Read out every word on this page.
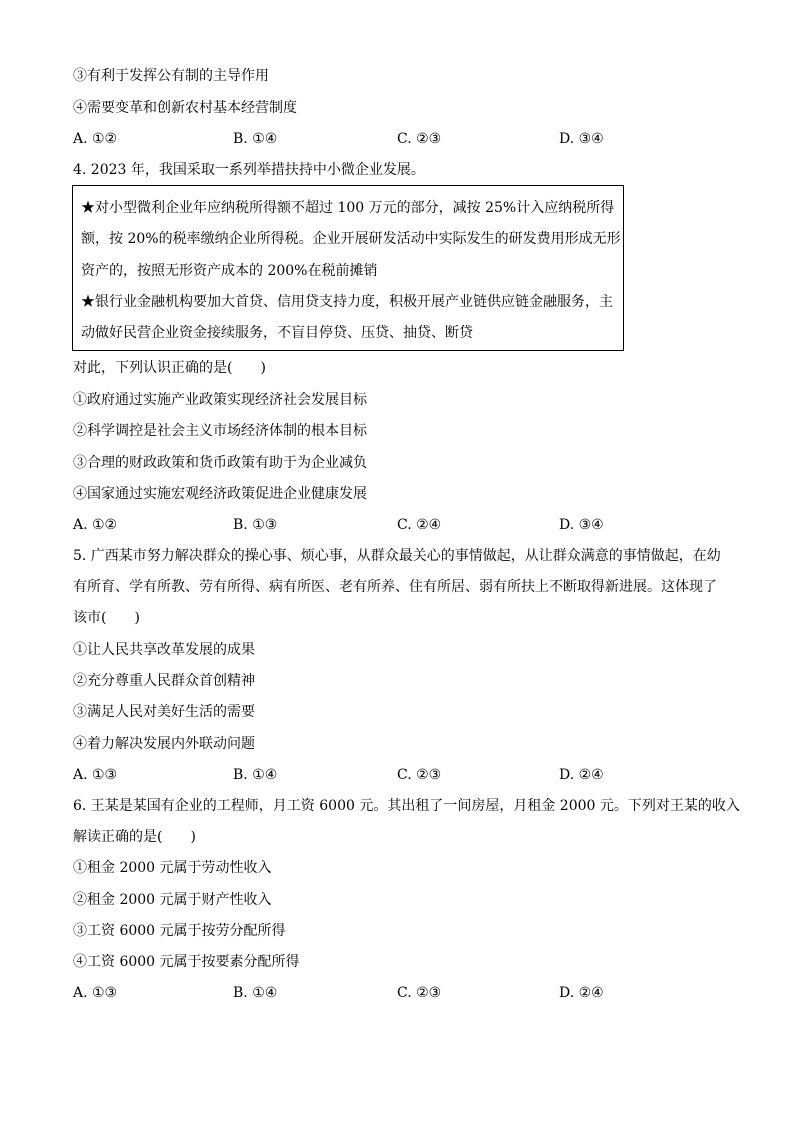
③有利于发挥公有制的主导作用
④需要变革和创新农村基本经营制度
A. ①②	B. ①④	C. ②③	D. ③④
4. 2023 年，我国采取一系列举措扶持中小微企业发展。
★对小型微利企业年应纳税所得额不超过 100 万元的部分，减按 25%计入应纳税所得
额，按 20%的税率缴纳企业所得税。企业开展研发活动中实际发生的研发费用形成无形
资产的，按照无形资产成本的 200%在税前摊销
★银行业金融机构要加大首贷、信用贷支持力度，积极开展产业链供应链金融服务，主
动做好民营企业资金接续服务，不盲目停贷、压贷、抽贷、断贷
对此，下列认识正确的是(　　)
①政府通过实施产业政策实现经济社会发展目标
②科学调控是社会主义市场经济体制的根本目标
③合理的财政政策和货币政策有助于为企业减负
④国家通过实施宏观经济政策促进企业健康发展
A. ①②	B. ①③	C. ②④	D. ③④
5. 广西某市努力解决群众的操心事、烦心事，从群众最关心的事情做起，从让群众满意的事情做起，在幼
有所育、学有所教、劳有所得、病有所医、老有所养、住有所居、弱有所扶上不断取得新进展。这体现了
该市(　　)
①让人民共享改革发展的成果
②充分尊重人民群众首创精神
③满足人民对美好生活的需要
④着力解决发展内外联动问题
A. ①③	B. ①④	C. ②③	D. ②④
6. 王某是某国有企业的工程师，月工资 6000 元。其出租了一间房屋，月租金 2000 元。下列对王某的收入
解读正确的是(　　)
①租金 2000 元属于劳动性收入
②租金 2000 元属于财产性收入
③工资 6000 元属于按劳分配所得
④工资 6000 元属于按要素分配所得
A. ①③	B. ①④	C. ②③	D. ②④
